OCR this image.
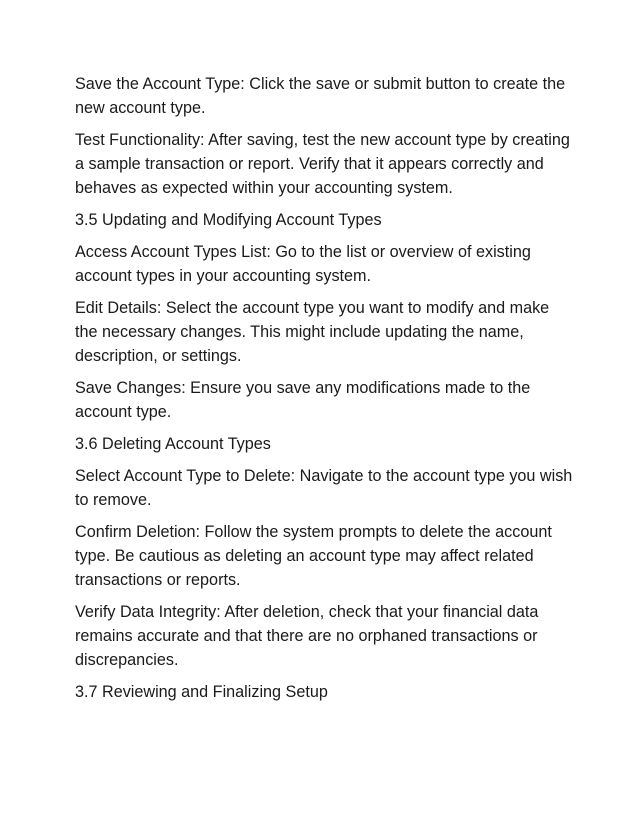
Save the Account Type: Click the save or submit button to create the new account type.

Test Functionality: After saving, test the new account type by creating a sample transaction or report. Verify that it appears correctly and behaves as expected within your accounting system.

3.5 Updating and Modifying Account Types

Access Account Types List: Go to the list or overview of existing account types in your accounting system.

Edit Details: Select the account type you want to modify and make the necessary changes. This might include updating the name, description, or settings.

Save Changes: Ensure you save any modifications made to the account type.

3.6 Deleting Account Types

Select Account Type to Delete: Navigate to the account type you wish to remove.

Confirm Deletion: Follow the system prompts to delete the account type. Be cautious as deleting an account type may affect related transactions or reports.

Verify Data Integrity: After deletion, check that your financial data remains accurate and that there are no orphaned transactions or discrepancies.

3.7 Reviewing and Finalizing Setup
